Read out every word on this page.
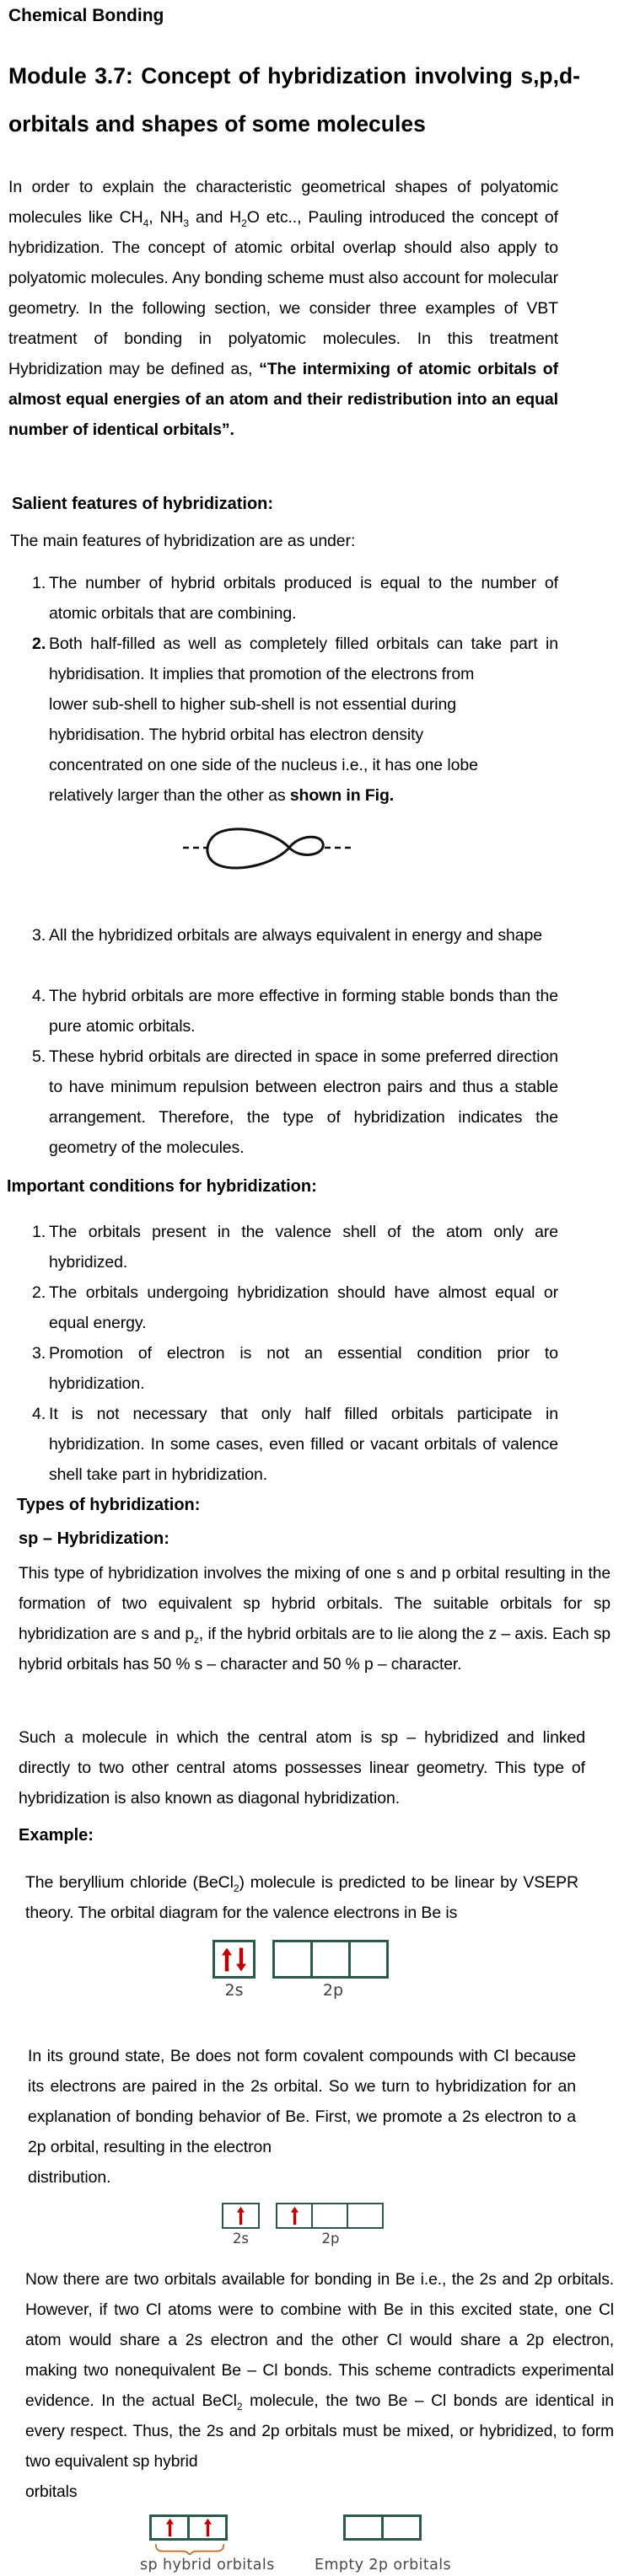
Chemical Bonding
Module 3.7: Concept of hybridization involving s,p,d-orbitals and shapes of some molecules

In order to explain the characteristic geometrical shapes of polyatomic molecules like $CH_4$, $NH_3$ and $H_2O$ etc.., Pauling introduced the concept of hybridization. The concept of atomic orbital overlap should also apply to polyatomic molecules. Any bonding scheme must also account for molecular geometry. In the following section, we consider three examples of VBT treatment of bonding in polyatomic molecules. In this treatment Hybridization may be defined as, “The intermixing of atomic orbitals of almost equal energies of an atom and their redistribution into an equal number of identical orbitals”.

Salient features of hybridization:

The main features of hybridization are as under:

1. The number of hybrid orbitals produced is equal to the number of atomic orbitals that are combining.
2. Both half-filled as well as completely filled orbitals can take part in hybridisation. It implies that promotion of the electrons from
lower sub-shell to higher sub-shell is not essential during
hybridisation. The hybrid orbital has electron density
concentrated on one side of the nucleus i.e., it has one lobe
relatively larger than the other as shown in Fig.
3. All the hybridized orbitals are always equivalent in energy and shape
4. The hybrid orbitals are more effective in forming stable bonds than the pure atomic orbitals.
5. These hybrid orbitals are directed in space in some preferred direction to have minimum repulsion between electron pairs and thus a stable arrangement. Therefore, the type of hybridization indicates the geometry of the molecules.
Important conditions for hybridization:
1. The orbitals present in the valence shell of the atom only are hybridized.
2. The orbitals undergoing hybridization should have almost equal or equal energy.
3. Promotion of electron is not an essential condition prior to hybridization.
4. It is not necessary that only half filled orbitals participate in hybridization. In some cases, even filled or vacant orbitals of valence shell take part in hybridization.
Types of hybridization:
sp – Hybridization:

This type of hybridization involves the mixing of one s and p orbital resulting in the formation of two equivalent sp hybrid orbitals. The suitable orbitals for sp hybridization are s and $p_z$, if the hybrid orbitals are to lie along the z – axis. Each sp hybrid orbitals has 50 % s – character and 50 % p – character.

Such a molecule in which the central atom is sp – hybridized and linked directly to two other central atoms possesses linear geometry. This type of hybridization is also known as diagonal hybridization.

Example:

The beryllium chloride (BeCl$_2$) molecule is predicted to be linear by VSEPR theory. The orbital diagram for the valence electrons in Be is

2s	2p

In its ground state, Be does not form covalent compounds with Cl because its electrons are paired in the 2s orbital. So we turn to hybridization for an explanation of bonding behavior of Be. First, we promote a 2s electron to a 2p orbital, resulting in the electron
distribution.

2s	2p

Now there are two orbitals available for bonding in Be i.e., the 2s and 2p orbitals. However, if two Cl atoms were to combine with Be in this excited state, one Cl atom would share a 2s electron and the other Cl would share a 2p electron, making two nonequivalent Be – Cl bonds. This scheme contradicts experimental evidence. In the actual BeCl$_2$ molecule, the two Be – Cl bonds are identical in every respect. Thus, the 2s and 2p orbitals must be mixed, or hybridized, to form two equivalent sp hybrid
orbitals

sp hybrid orbitals	Empty 2p orbitals
